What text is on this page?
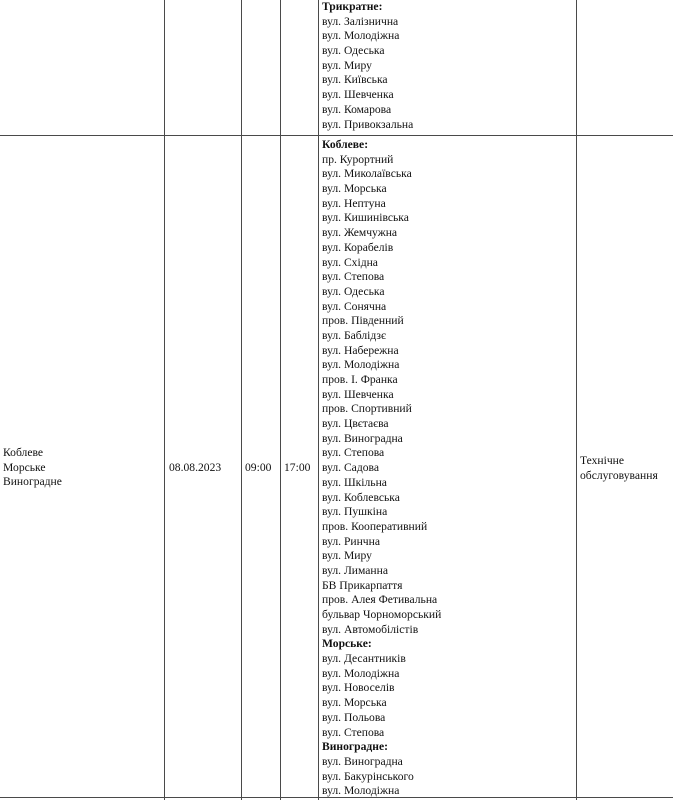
Трикратне:
вул. Залізнична
вул. Молодіжна
вул. Одеська
вул. Миру
вул. Київська
вул. Шевченка
вул. Комарова
вул. Привокзальна
Коблеве
Морське
Виноградне
08.08.2023 09:00 17:00
Технічне
обслуговування
Коблеве:
пр. Курортний
вул. Миколаївська
вул. Морська
вул. Нептуна
вул. Кишинівська
вул. Жемчужна
вул. Корабелів
вул. Східна
вул. Степова
вул. Одеська
вул. Сонячна
пров. Південний
вул. Баблідзє
вул. Набережна
вул. Молодіжна
пров. І. Франка
вул. Шевченка
пров. Спортивний
вул. Цвєтаєва
вул. Виноградна
вул. Степова
вул. Садова
вул. Шкільна
вул. Коблевська
вул. Пушкіна
пров. Кооперативний
вул. Ринчна
вул. Миру
вул. Лиманна
БВ Прикарпаття
пров. Алея Фетивальна
бульвар Чорноморський
вул. Автомобілістів
Морське:
вул. Десантників
вул. Молодіжна
вул. Новоселів
вул. Морська
вул. Польова
вул. Степова
Виноградне:
вул. Виноградна
вул. Бакурінського
вул. Молодіжна
